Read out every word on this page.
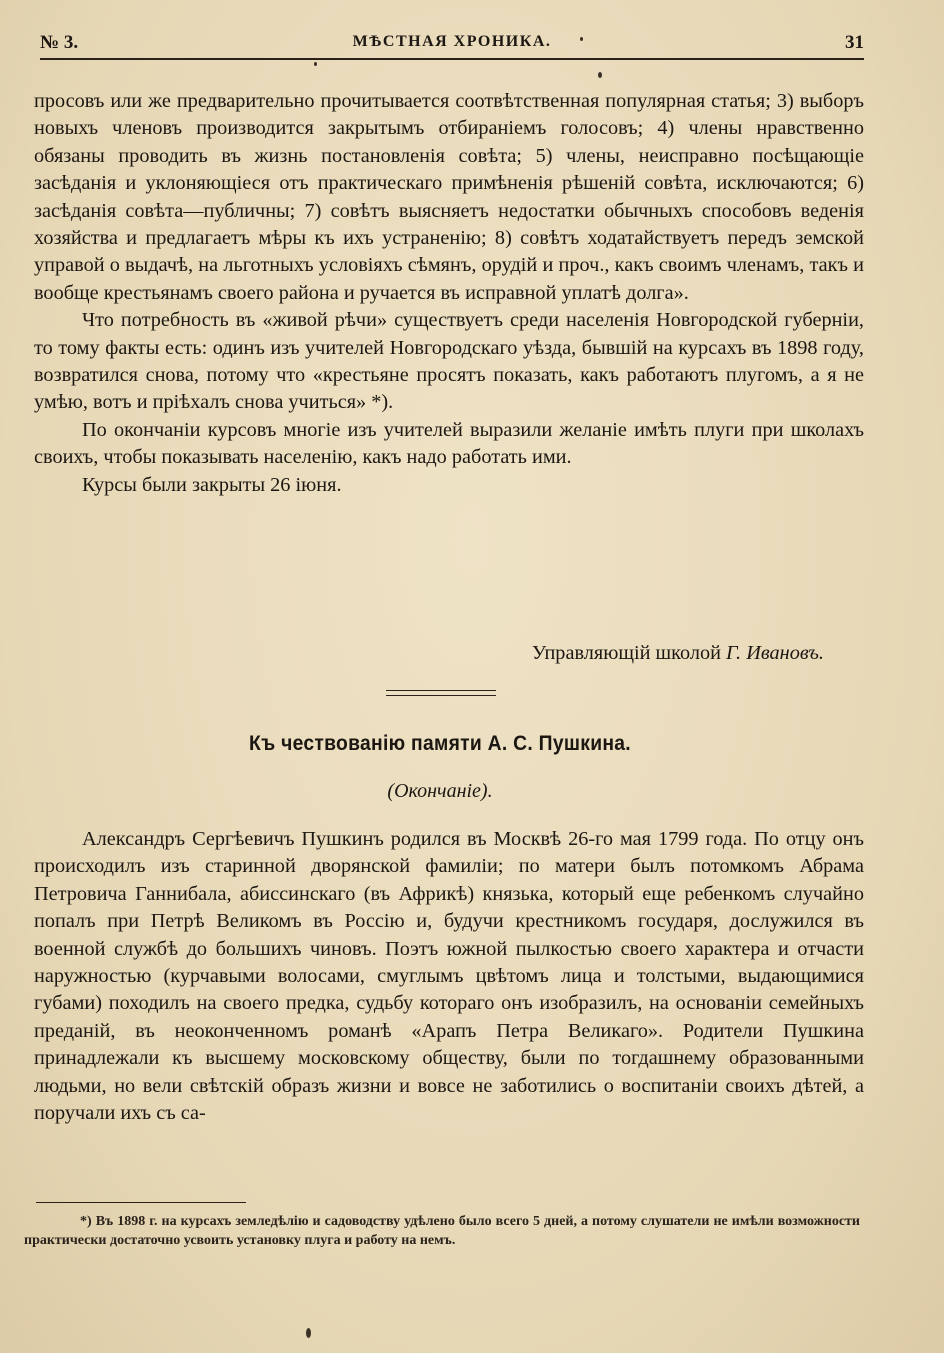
№ 3.	МѢСТНАЯ ХРОНИКА.	31

просовъ или же предварительно прочитывается соотвѣтственная популярная статья; 3) выборъ новыхъ членовъ производится закрытымъ отбиранiемъ голосовъ; 4) члены нравственно обязаны проводить въ жизнь постановленiя совѣта; 5) члены, неисправно посѣщающiе засѣданiя и уклоняющiеся отъ практическаго примѣненiя рѣшенiй совѣта, исключаются; 6) засѣданiя совѣта—публичны; 7) совѣтъ выясняетъ недостатки обычныхъ способовъ веденiя хозяйства и предлагаетъ мѣры къ ихъ устраненiю; 8) совѣтъ ходатайствуетъ передъ земской управой о выдачѣ, на льготныхъ условiяхъ сѣмянъ, орудiй и проч., какъ своимъ членамъ, такъ и вообще крестьянамъ своего района и ручается въ исправной уплатѣ долга».

Что потребность въ «живой рѣчи» существуетъ среди населенiя Новгородской губернiи, то тому факты есть: одинъ изъ учителей Новгородскаго уѣзда, бывшiй на курсахъ въ 1898 году, возвратился снова, потому что «крестьяне просятъ показать, какъ работаютъ плугомъ, а я не умѣю, вотъ и прiѣхалъ снова учиться» *).

По окончанiи курсовъ многiе изъ учителей выразили желанiе имѣть плуги при школахъ своихъ, чтобы показывать населенiю, какъ надо работать ими.

Курсы были закрыты 26 iюня.

Управляющiй школой Г. Ивановъ.
Къ чествованiю памяти А. С. Пушкина.
(Окончанiе).

Александръ Сергѣевичъ Пушкинъ родился въ Москвѣ 26-го мая 1799 года. По отцу онъ происходилъ изъ старинной дворянской фамилiи; по матери былъ потомкомъ Абрама Петровича Ганнибала, абиссинскаго (въ Африкѣ) князька, который еще ребенкомъ случайно попалъ при Петрѣ Великомъ въ Россiю и, будучи крестникомъ государя, дослужился въ военной службѣ до большихъ чиновъ. Поэтъ южной пылкостью своего характера и отчасти наружностью (курчавыми волосами, смуглымъ цвѣтомъ лица и толстыми, выдающимися губами) походилъ на своего предка, судьбу котораго онъ изобразилъ, на основанiи семейныхъ преданiй, въ неоконченномъ романѣ «Арапъ Петра Великаго». Родители Пушкина принадлежали къ высшему московскому обществу, были по тогдашнему образованными людьми, но вели свѣтскiй образъ жизни и вовсе не заботились о воспитанiи своихъ дѣтей, а поручали ихъ съ са-

*) Въ 1898 г. на курсахъ земледѣлiю и садоводству удѣлено было всего 5 дней, а потому слушатели не имѣли возможности практически достаточно усвоить установку плуга и работу на немъ.
